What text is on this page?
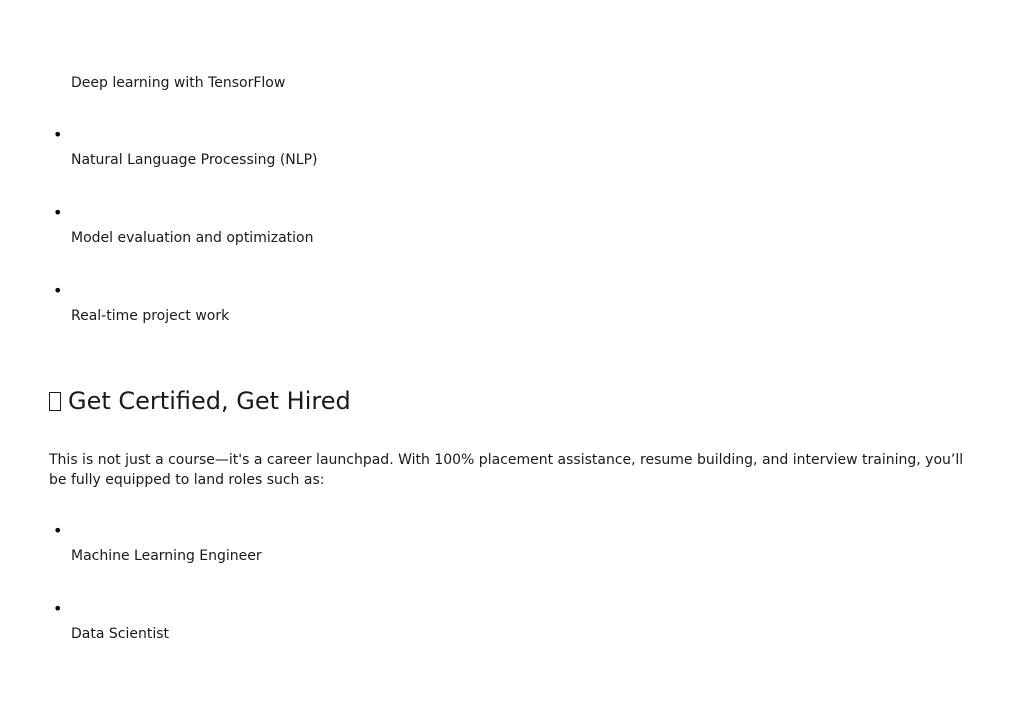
Deep learning with TensorFlow
•
Natural Language Processing (NLP)
•
Model evaluation and optimization
•
Real-time project work
Get Certified, Get Hired

This is not just a course—it's a career launchpad. With 100% placement assistance, resume building, and interview training, you’ll be fully equipped to land roles such as:

•
Machine Learning Engineer
•
Data Scientist
